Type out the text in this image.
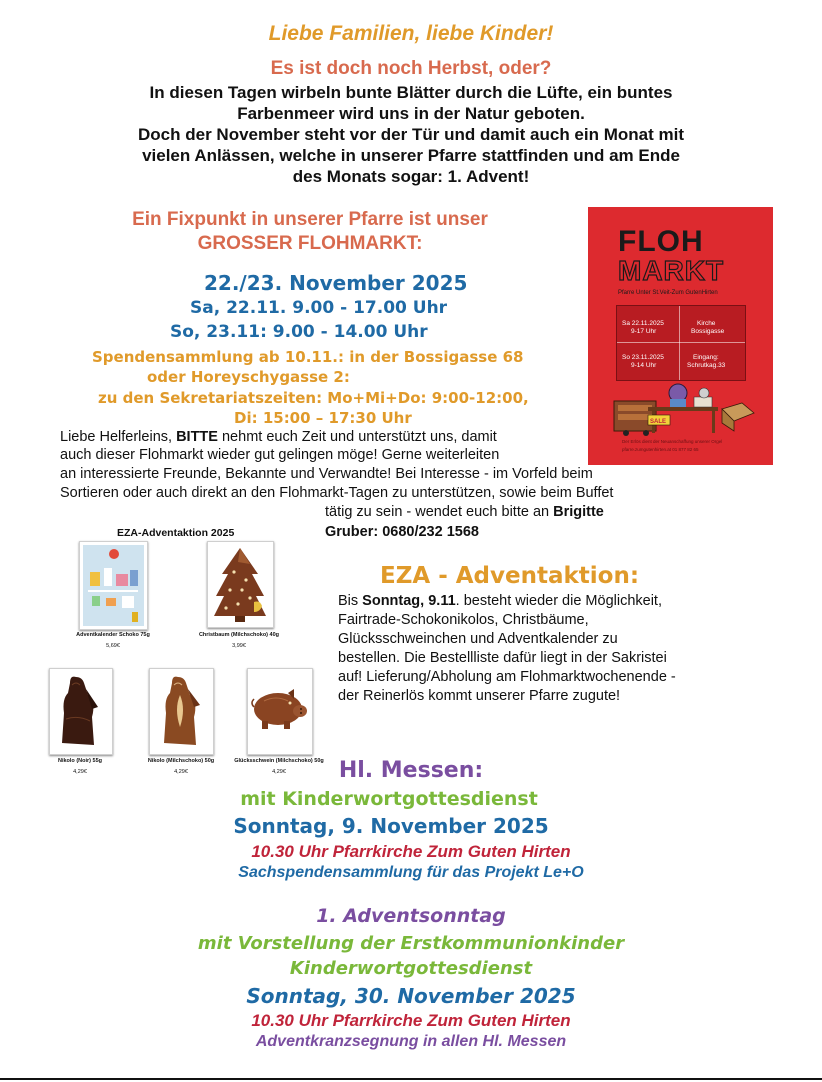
Liebe Familien, liebe Kinder!
Es ist doch noch Herbst, oder?
In diesen Tagen wirbeln bunte Blätter durch die Lüfte, ein buntes
Farbenmeer wird uns in der Natur geboten.
Doch der November steht vor der Tür und damit auch ein Monat mit
vielen Anlässen, welche in unserer Pfarre stattfinden und am Ende
des Monats sogar: 1. Advent!
Ein Fixpunkt in unserer Pfarre ist unser
GROSSER FLOHMARKT:
22./23. November 2025
Sa, 22.11. 9.00 - 17.00 Uhr
So, 23.11: 9.00 - 14.00 Uhr
Spendensammlung ab 10.11.: in der Bossigasse 68
oder Horeyschygasse 2:
zu den Sekretariatszeiten: Mo+Mi+Do: 9:00-12:00,
Di: 15:00 – 17:30 Uhr
Liebe Helferleins, BITTE nehmt euch Zeit und unterstützt uns, damit
auch dieser Flohmarkt wieder gut gelingen möge! Gerne weiterleiten
an interessierte Freunde, Bekannte und Verwandte! Bei Interesse - im Vorfeld beim
Sortieren oder auch direkt an den Flohmarkt-Tagen zu unterstützen, sowie beim Buffet
tätig zu sein - wendet euch bitte an Brigitte
Gruber: 0680/232 1568
FLOH
MARKT
Pfarre Unter St.Veit-Zum GutenHirten
Sa 22.11.2025
9-17 Uhr
So 23.11.2025
9-14 Uhr
Kirche
Bossigasse
Eingang:
Schrutkag.33
SALE
Der Erlös dient der Neuanschaffung unserer Orgel
pfarre.zumgutenhirten.at 01 877 82 65
EZA-Adventaktion 2025
Adventkalender Schoko 75g
5,69€
Christbaum (Milchschoko) 40g
3,99€
Nikolo (Noir) 55g
4,29€
Nikolo (Milchschoko) 50g
4,29€
Glücksschwein (Milchschoko) 50g
4,29€
EZA - Adventaktion:
Bis Sonntag, 9.11. besteht wieder die Möglichkeit,
Fairtrade-Schokonikolos, Christbäume,
Glücksschweinchen und Adventkalender zu
bestellen. Die Bestellliste dafür liegt in der Sakristei
auf! Lieferung/Abholung am Flohmarktwochenende -
der Reinerlös kommt unserer Pfarre zugute!
Hl. Messen:
mit Kinderwortgottesdienst
Sonntag, 9. November 2025
10.30 Uhr Pfarrkirche Zum Guten Hirten
Sachspendensammlung für das Projekt Le+O
1. Adventsonntag
mit Vorstellung der Erstkommunionkinder
Kinderwortgottesdienst
Sonntag, 30. November 2025
10.30 Uhr Pfarrkirche Zum Guten Hirten
Adventkranzsegnung in allen Hl. Messen
